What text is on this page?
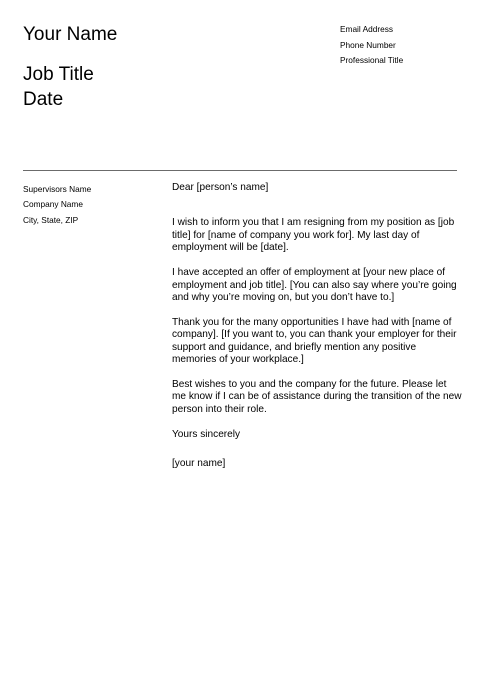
Your Name
Job Title
Date
Email Address
Phone Number
Professional Title
Supervisors Name
Company Name
City, State, ZIP

Dear [person’s name]

I wish to inform you that I am resigning from my position as [job title] for [name of company you work for]. My last day of employment will be [date].

I have accepted an offer of employment at [your new place of employment and job title]. [You can also say where you’re going and why you’re moving on, but you don’t have to.]

Thank you for the many opportunities I have had with [name of company]. [If you want to, you can thank your employer for their support and guidance, and briefly mention any positive memories of your workplace.]

Best wishes to you and the company for the future. Please let me know if I can be of assistance during the transition of the new person into their role.

Yours sincerely

[your name]
